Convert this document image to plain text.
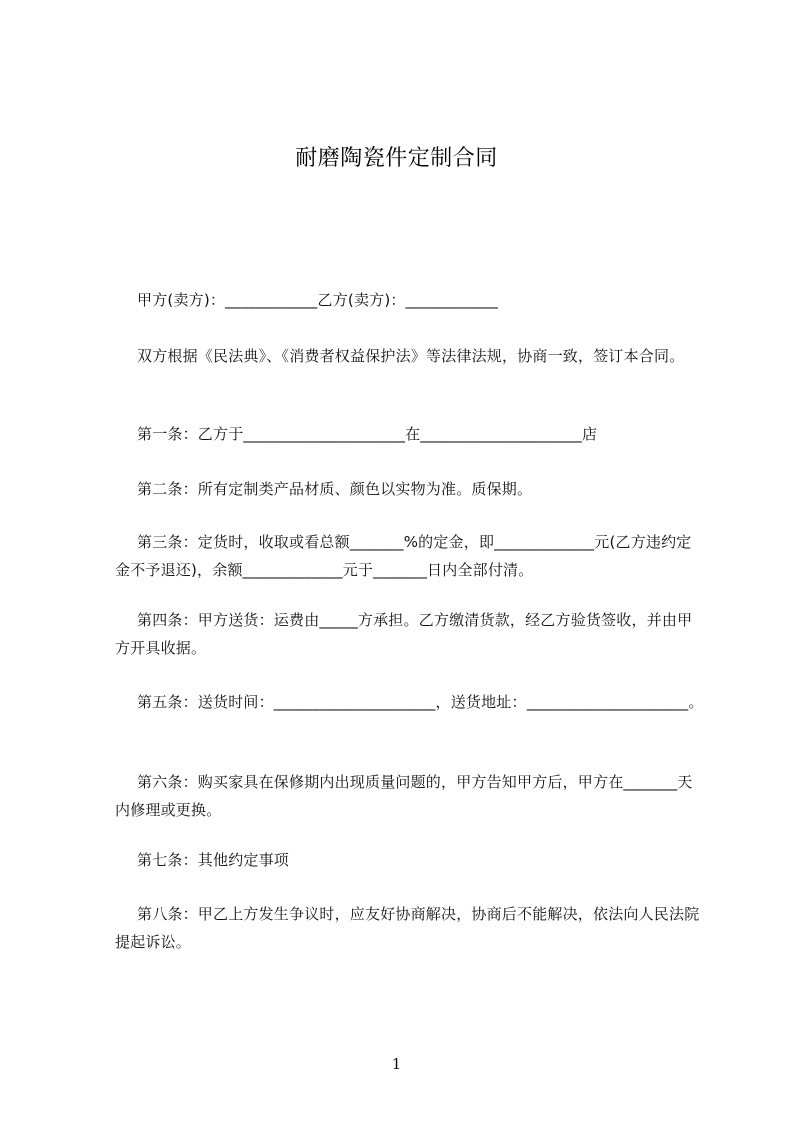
耐磨陶瓷件定制合同
甲方(卖方)：____________乙方(卖方)：____________
双方根据《民法典》、《消费者权益保护法》等法律法规，协商一致，签订本合同。
第一条：乙方于_____________________在_____________________店
第二条：所有定制类产品材质、颜色以实物为准。质保期。
第三条：定货时，收取或看总额_______%的定金，即_____________元(乙方违约定金不予退还)，余额_____________元于_______日内全部付清。
第四条：甲方送货：运费由_____方承担。乙方缴清货款，经乙方验货签收，并由甲方开具收据。
第五条：送货时间：_____________________，送货地址：_____________________。
第六条：购买家具在保修期内出现质量问题的，甲方告知甲方后，甲方在_______天内修理或更换。
第七条：其他约定事项
第八条：甲乙上方发生争议时，应友好协商解决，协商后不能解决，依法向人民法院提起诉讼。
1
